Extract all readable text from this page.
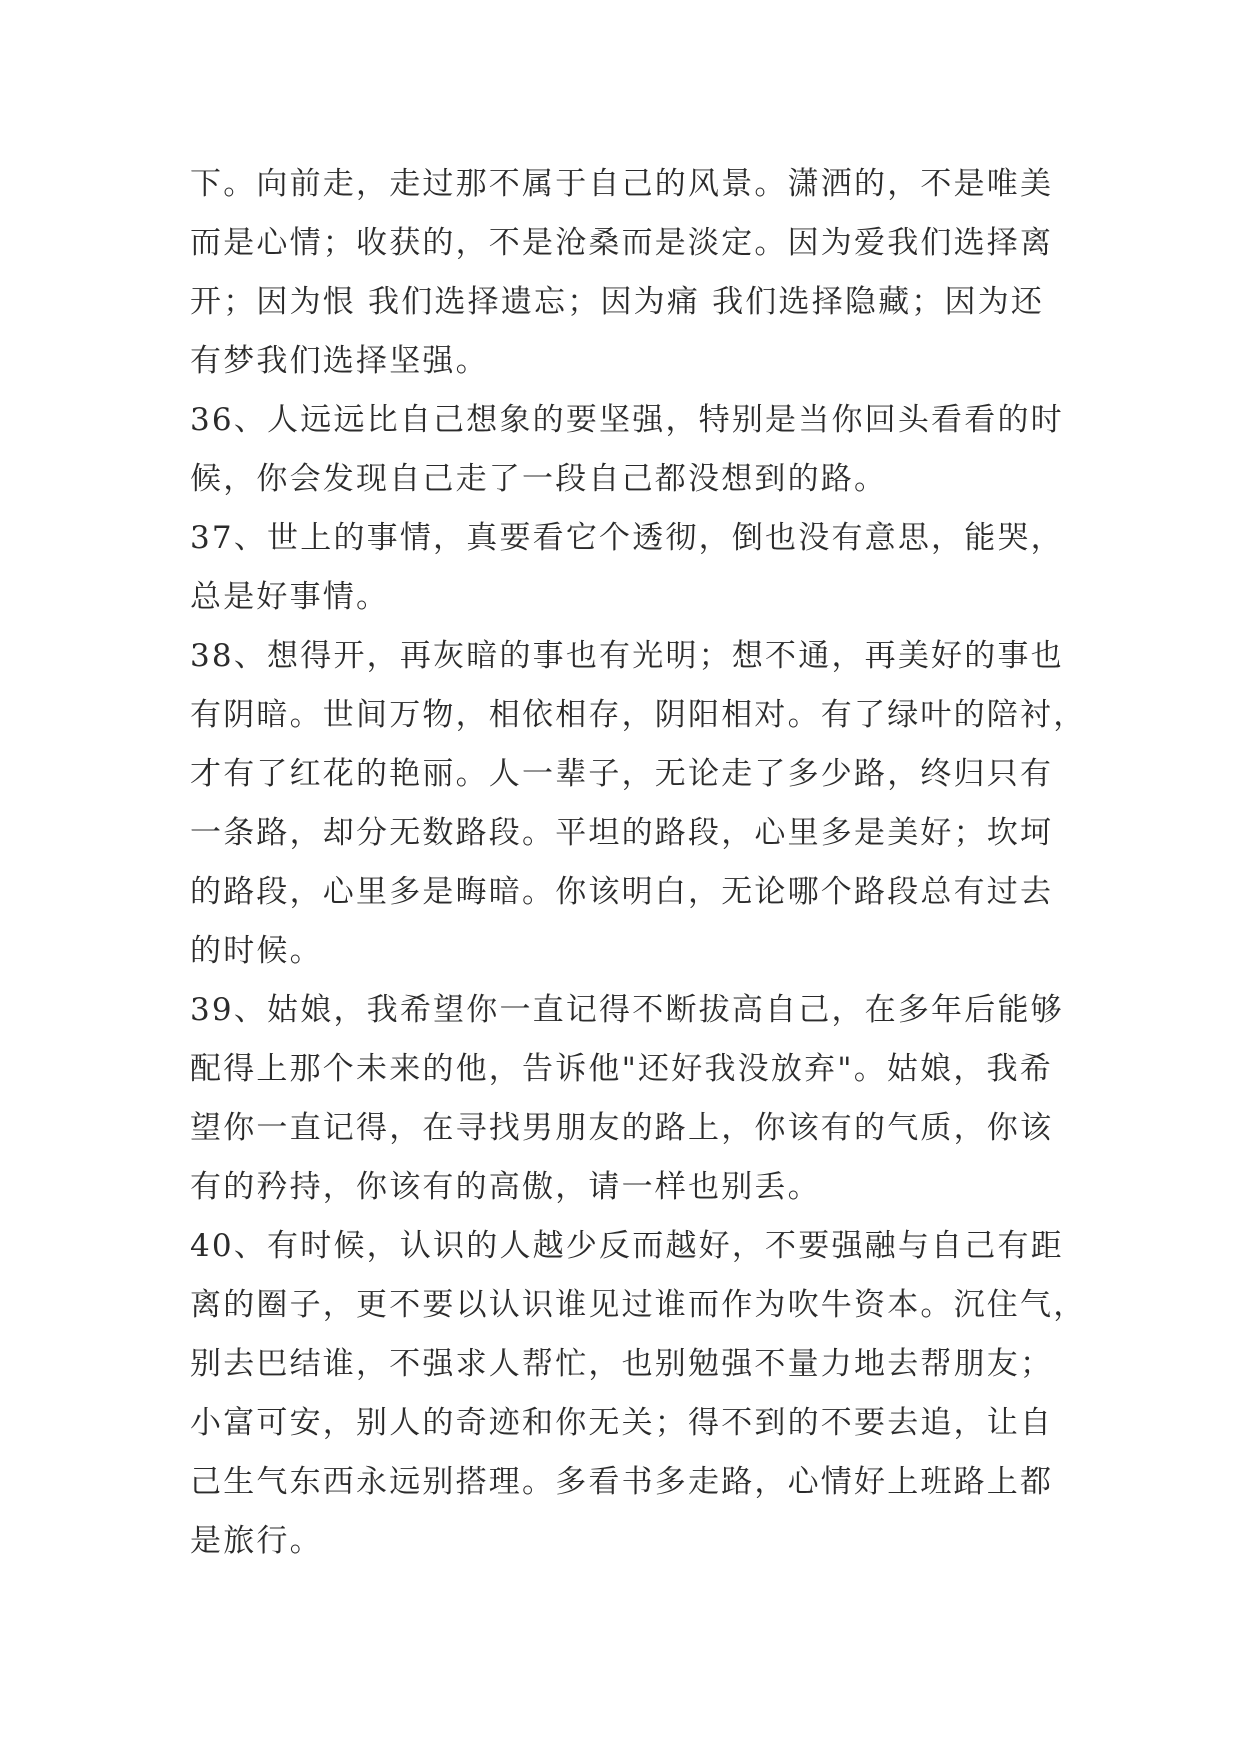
下。向前走，走过那不属于自己的风景。潇洒的，不是唯美
而是心情；收获的，不是沧桑而是淡定。因为爱我们选择离
开；因为恨 我们选择遗忘；因为痛 我们选择隐藏；因为还
有梦我们选择坚强。
36、人远远比自己想象的要坚强，特别是当你回头看看的时
候，你会发现自己走了一段自己都没想到的路。
37、世上的事情，真要看它个透彻，倒也没有意思，能哭，
总是好事情。
38、想得开，再灰暗的事也有光明；想不通，再美好的事也
有阴暗。世间万物，相依相存，阴阳相对。有了绿叶的陪衬，
才有了红花的艳丽。人一辈子，无论走了多少路，终归只有
一条路，却分无数路段。平坦的路段，心里多是美好；坎坷
的路段，心里多是晦暗。你该明白，无论哪个路段总有过去
的时候。
39、姑娘，我希望你一直记得不断拔高自己，在多年后能够
配得上那个未来的他，告诉他"还好我没放弃"。姑娘，我希
望你一直记得，在寻找男朋友的路上，你该有的气质，你该
有的矜持，你该有的高傲，请一样也别丢。
40、有时候，认识的人越少反而越好，不要强融与自己有距
离的圈子，更不要以认识谁见过谁而作为吹牛资本。沉住气，
别去巴结谁，不强求人帮忙，也别勉强不量力地去帮朋友；
小富可安，别人的奇迹和你无关；得不到的不要去追，让自
己生气东西永远别搭理。多看书多走路，心情好上班路上都
是旅行。
